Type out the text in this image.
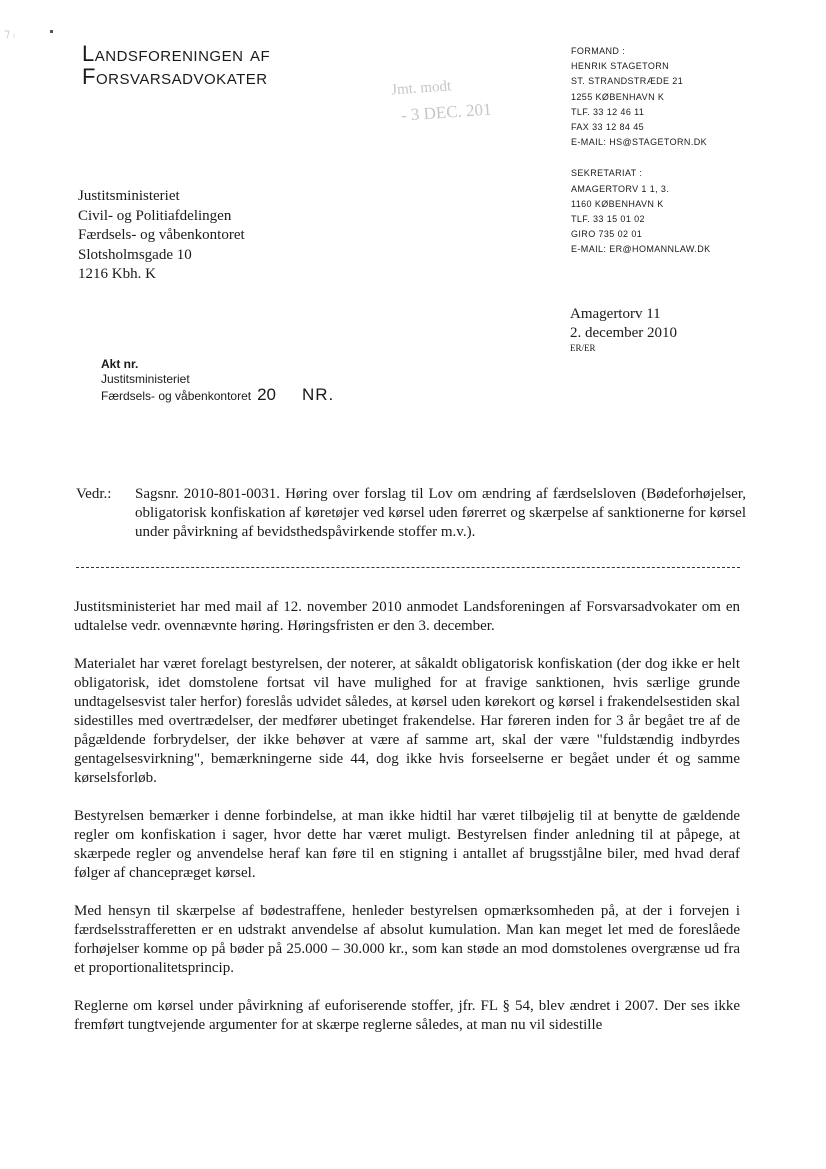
⁊ ᵢ
Landsforeningen af
Forsvarsadvokater	Jmt. modt
- 3 DEC. 201
FORMAND :
HENRIK STAGETORN
ST. STRANDSTRÆDE 21
1255 KØBENHAVN K
TLF. 33 12 46 11
FAX 33 12 84 45
E-MAIL: HS@STAGETORN.DK
SEKRETARIAT :
AMAGERTORV 1 1, 3.
1160 KØBENHAVN K
TLF. 33 15 01 02
GIRO 735 02 01
E-MAIL: ER@HOMANNLAW.DK
Justitsministeriet
Civil- og Politiafdelingen
Færdsels- og våbenkontoret
Slotsholmsgade 10
1216 Kbh. K
Amagertorv 11
2. december 2010
ER/ER
Akt nr.
Justitsministeriet
Færdsels- og våbenkontoret 20 NR.
Vedr.:	Sagsnr. 2010-801-0031. Høring over forslag til Lov om ændring af færdselsloven (Bødeforhøjelser, obligatorisk konfiskation af køretøjer ved kørsel uden førerret og skærpelse af sanktionerne for kørsel under påvirkning af bevidsthedspåvirkende stoffer m.v.).

Justitsministeriet har med mail af 12. november 2010 anmodet Landsforeningen af Forsvarsadvokater om en udtalelse vedr. ovennævnte høring. Høringsfristen er den 3. december.

Materialet har været forelagt bestyrelsen, der noterer, at såkaldt obligatorisk konfiskation (der dog ikke er helt obligatorisk, idet domstolene fortsat vil have mulighed for at fravige sanktionen, hvis særlige grunde undtagelsesvist taler herfor) foreslås udvidet således, at kørsel uden kørekort og kørsel i frakendelsestiden skal sidestilles med overtrædelser, der medfører ubetinget frakendelse. Har føreren inden for 3 år begået tre af de pågældende forbrydelser, der ikke behøver at være af samme art, skal der være "fuldstændig indbyrdes gentagelsesvirkning", bemærkningerne side 44, dog ikke hvis forseelserne er begået under ét og samme kørselsforløb.

Bestyrelsen bemærker i denne forbindelse, at man ikke hidtil har været tilbøjelig til at benytte de gældende regler om konfiskation i sager, hvor dette har været muligt. Bestyrelsen finder anledning til at påpege, at skærpede regler og anvendelse heraf kan føre til en stigning i antallet af brugsstjålne biler, med hvad deraf følger af chancepræget kørsel.

Med hensyn til skærpelse af bødestraffene, henleder bestyrelsen opmærksomheden på, at der i forvejen i færdselsstrafferetten er en udstrakt anvendelse af absolut kumulation. Man kan meget let med de foreslåede forhøjelser komme op på bøder på 25.000 – 30.000 kr., som kan støde an mod domstolenes overgrænse ud fra et proportionalitetsprincip.

Reglerne om kørsel under påvirkning af euforiserende stoffer, jfr. FL § 54, blev ændret i 2007. Der ses ikke fremført tungtvejende argumenter for at skærpe reglerne således, at man nu vil sidestille
